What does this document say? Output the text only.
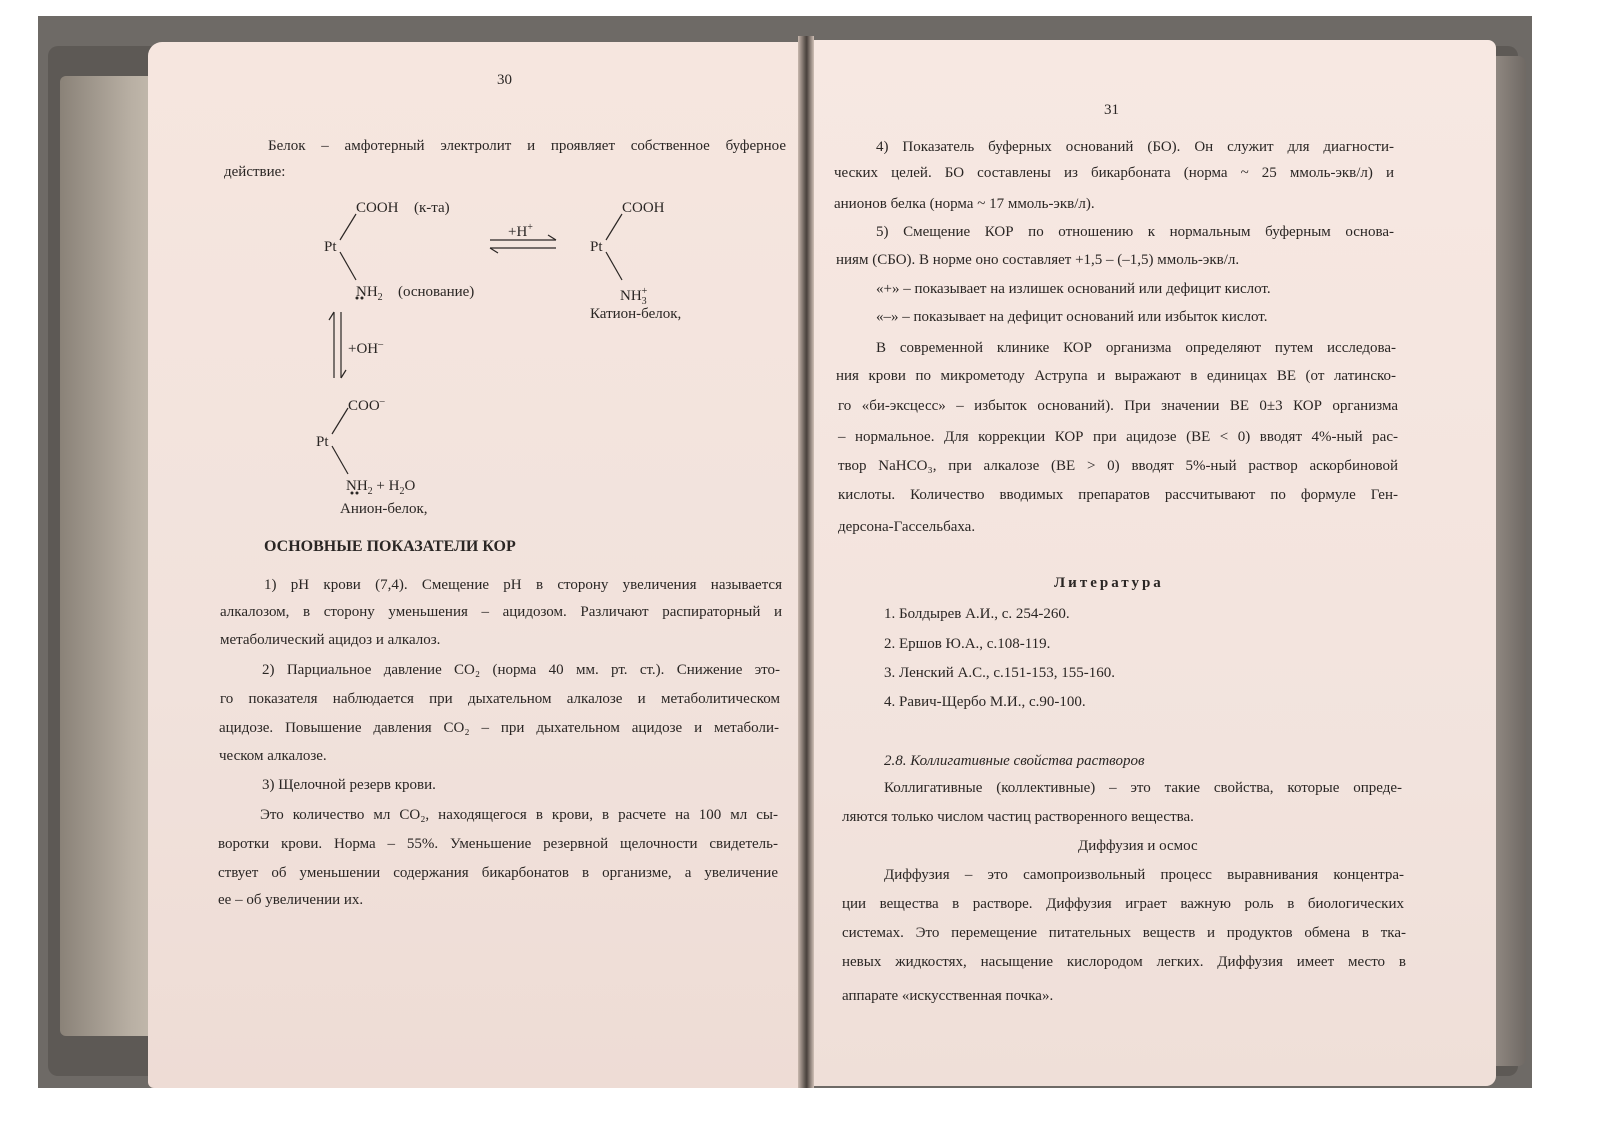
30
Белок – амфотерный электролит и проявляет собственное буферное
действие:
СООН (к-та)
Pt
$NH_2$ (основание)
+H+
СООН
Pt
$NH_3^+$
Катион-белок,
+OH–
СОО–
Pt
$NH_2 + H_2O$
Анион-белок,
ОСНОВНЫЕ ПОКАЗАТЕЛИ КОР
1) pH крови (7,4). Смещение pH в сторону увеличения называется
алкалозом, в сторону уменьшения – ацидозом. Различают распираторный и
метаболический ацидоз и алкалоз.
2) Парциальное давление СО₂ (норма 40 мм. рт. ст.). Снижение это-
го показателя наблюдается при дыхательном алкалозе и метаболитическом
ацидозе. Повышение давления СО₂ – при дыхательном ацидозе и метаболи-
ческом алкалозе.
3) Щелочной резерв крови.
Это количество мл СО₂, находящегося в крови, в расчете на 100 мл сы-
воротки крови. Норма – 55%. Уменьшение резервной щелочности свидетель-
ствует об уменьшении содержания бикарбонатов в организме, а увеличение
ее – об увеличении их.
31
4) Показатель буферных оснований (БО). Он служит для диагности-
ческих целей. БО составлены из бикарбоната (норма ~ 25 ммоль-экв/л) и
анионов белка (норма ~ 17 ммоль-экв/л).
5) Смещение КОР по отношению к нормальным буферным основа-
ниям (СБО). В норме оно составляет +1,5 – (–1,5) ммоль-экв/л.
«+» – показывает на излишек оснований или дефицит кислот.
«–» – показывает на дефицит оснований или избыток кислот.
В современной клинике КОР организма определяют путем исследова-
ния крови по микрометоду Аструпа и выражают в единицах ВЕ (от латинско-
го «би-эксцесс» – избыток оснований). При значении ВЕ 0±3 КОР организма
– нормальное. Для коррекции КОР при ацидозе (ВЕ < 0) вводят 4%-ный рас-
твор NaHCO₃, при алкалозе (ВЕ > 0) вводят 5%-ный раствор аскорбиновой
кислоты. Количество вводимых препаратов рассчитывают по формуле Ген-
дерсона-Гассельбаха.
Литература
1. Болдырев А.И., с. 254-260.
2. Ершов Ю.А., с.108-119.
3. Ленский А.С., с.151-153, 155-160.
4. Равич-Щербо М.И., с.90-100.
2.8. Коллигативные свойства растворов
Коллигативные (коллективные) – это такие свойства, которые опреде-
ляются только числом частиц растворенного вещества.
Диффузия и осмос
Диффузия – это самопроизвольный процесс выравнивания концентра-
ции вещества в растворе. Диффузия играет важную роль в биологических
системах. Это перемещение питательных веществ и продуктов обмена в тка-
невых жидкостях, насыщение кислородом легких. Диффузия имеет место в
аппарате «искусственная почка».
